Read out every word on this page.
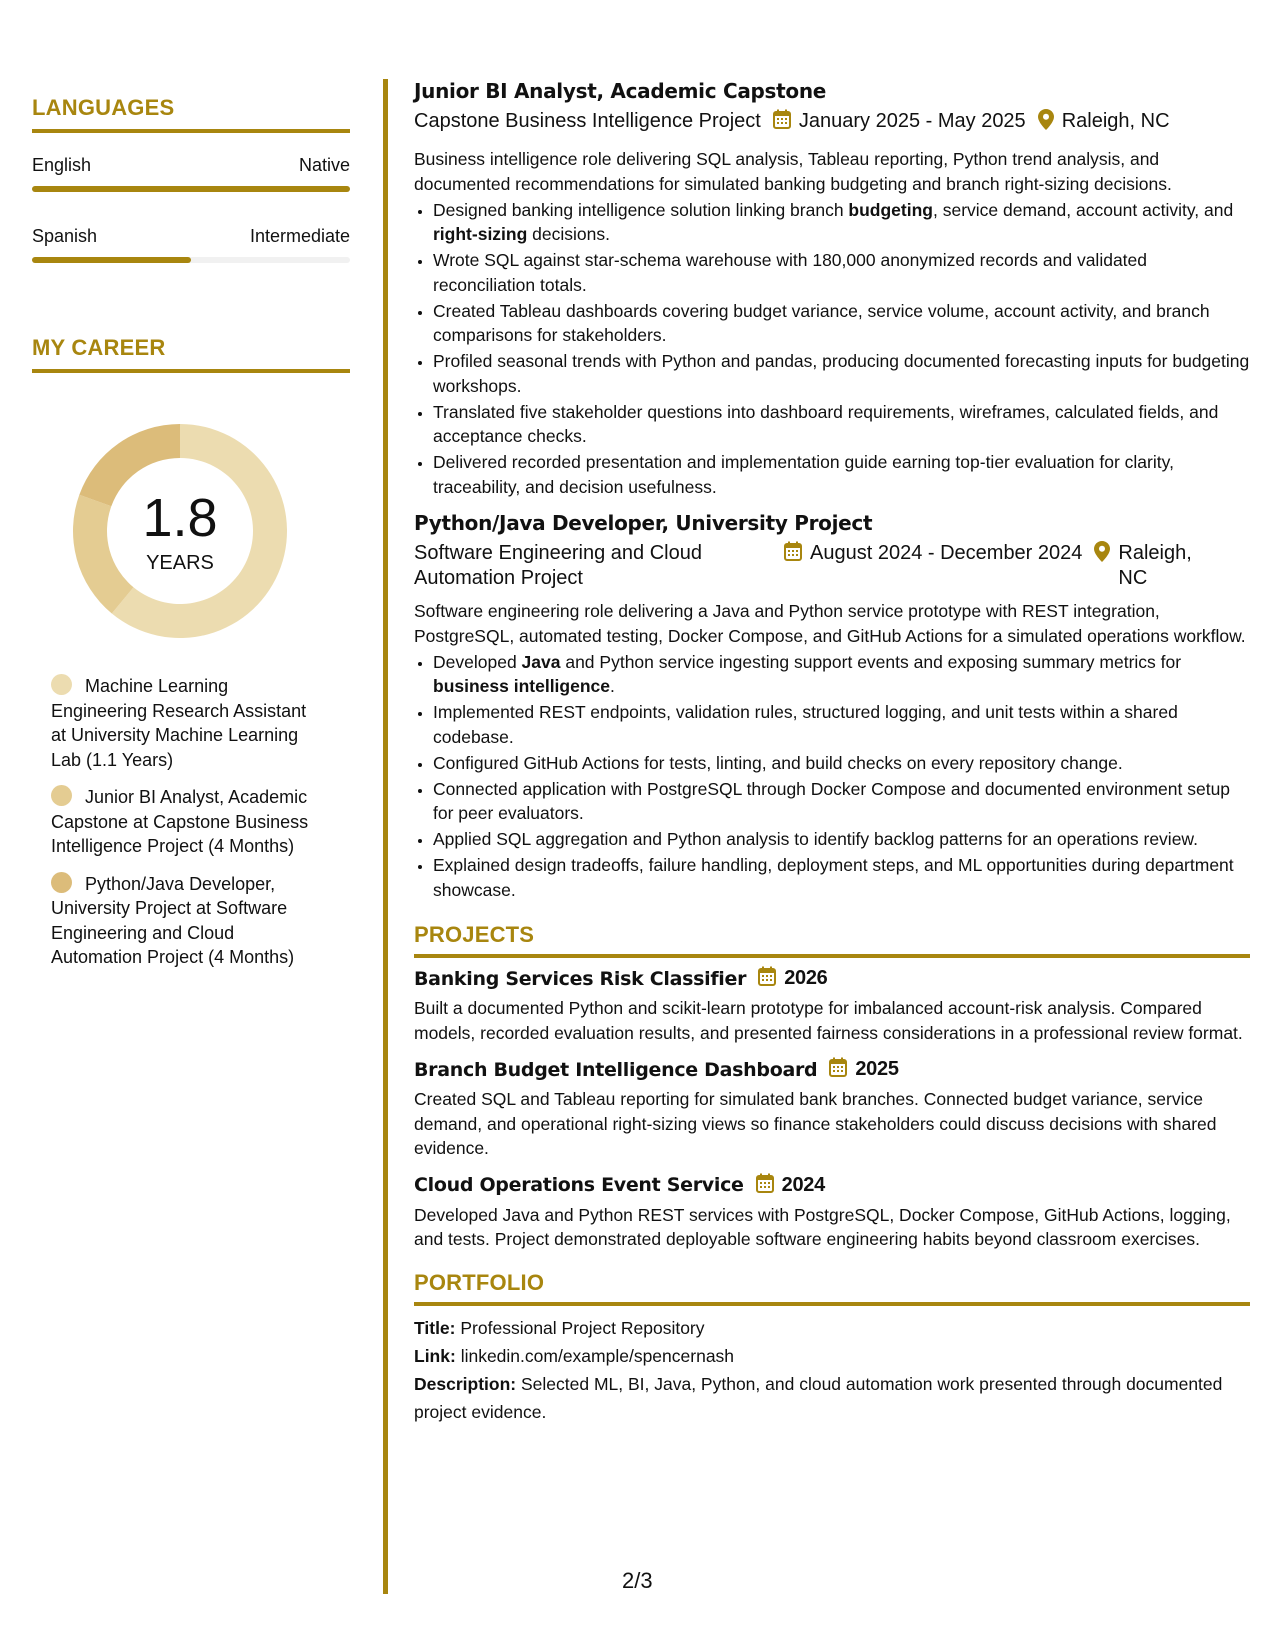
LANGUAGES
English	Native
Spanish	Intermediate
MY CAREER
1.8
YEARS
Machine Learning Engineering Research Assistant at University Machine Learning Lab (1.1 Years)
Junior BI Analyst, Academic Capstone at Capstone Business Intelligence Project (4 Months)
Python/Java Developer, University Project at Software Engineering and Cloud Automation Project (4 Months)
Junior BI Analyst, Academic Capstone
Capstone Business Intelligence Project January 2025 - May 2025 Raleigh, NC
Business intelligence role delivering SQL analysis, Tableau reporting, Python trend analysis, and documented recommendations for simulated banking budgeting and branch right-sizing decisions.
• Designed banking intelligence solution linking branch budgeting, service demand, account activity, and right-sizing decisions.
• Wrote SQL against star-schema warehouse with 180,000 anonymized records and validated reconciliation totals.
• Created Tableau dashboards covering budget variance, service volume, account activity, and branch comparisons for stakeholders.
• Profiled seasonal trends with Python and pandas, producing documented forecasting inputs for budgeting workshops.
• Translated five stakeholder questions into dashboard requirements, wireframes, calculated fields, and acceptance checks.
• Delivered recorded presentation and implementation guide earning top-tier evaluation for clarity, traceability, and decision usefulness.
Python/Java Developer, University Project
Software Engineering and Cloud Automation Project
August 2024 - December 2024 Raleigh, NC
Software engineering role delivering a Java and Python service prototype with REST integration, PostgreSQL, automated testing, Docker Compose, and GitHub Actions for a simulated operations workflow.
• Developed Java and Python service ingesting support events and exposing summary metrics for business intelligence.
• Implemented REST endpoints, validation rules, structured logging, and unit tests within a shared codebase.
• Configured GitHub Actions for tests, linting, and build checks on every repository change.
• Connected application with PostgreSQL through Docker Compose and documented environment setup for peer evaluators.
• Applied SQL aggregation and Python analysis to identify backlog patterns for an operations review.
• Explained design tradeoffs, failure handling, deployment steps, and ML opportunities during department showcase.
PROJECTS
Banking Services Risk Classifier 2026
Built a documented Python and scikit-learn prototype for imbalanced account-risk analysis. Compared models, recorded evaluation results, and presented fairness considerations in a professional review format.
Branch Budget Intelligence Dashboard 2025
Created SQL and Tableau reporting for simulated bank branches. Connected budget variance, service demand, and operational right-sizing views so finance stakeholders could discuss decisions with shared evidence.
Cloud Operations Event Service 2024
Developed Java and Python REST services with PostgreSQL, Docker Compose, GitHub Actions, logging, and tests. Project demonstrated deployable software engineering habits beyond classroom exercises.
PORTFOLIO
Title: Professional Project Repository
Link: linkedin.com/example/spencernash
Description: Selected ML, BI, Java, Python, and cloud automation work presented through documented project evidence.
2/3
